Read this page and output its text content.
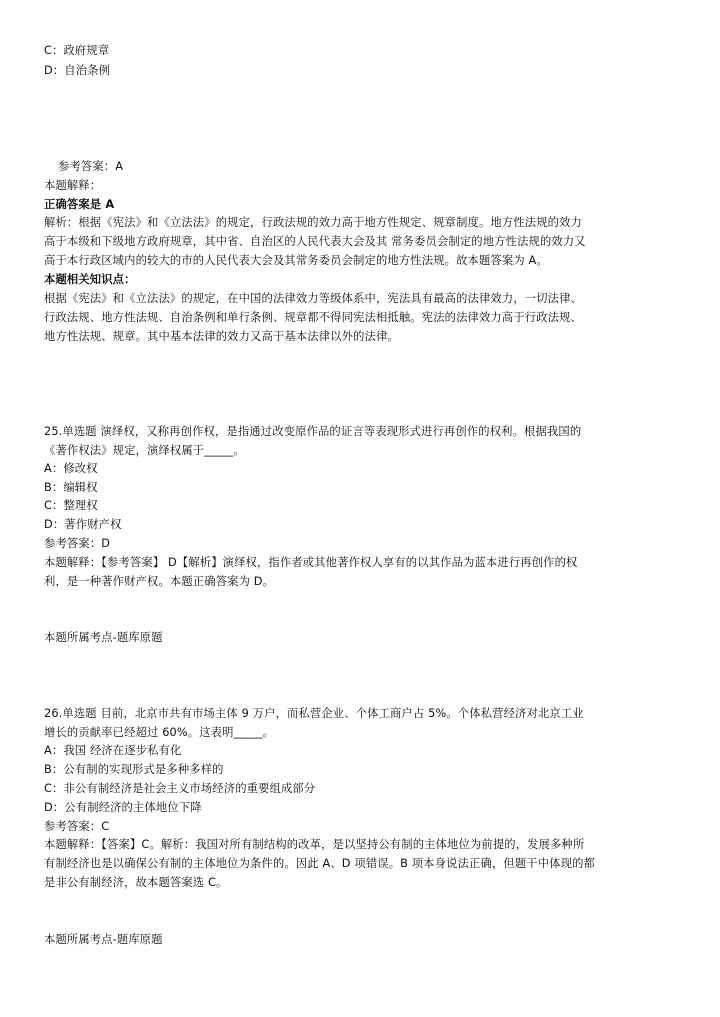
C：政府规章
D：自治条例
参考答案：A
本题解释：
正确答案是 A
解析：根据《宪法》和《立法法》的规定，行政法规的效力高于地方性规定、规章制度。地方性法规的效力
高于本级和下级地方政府规章，其中省、自治区的人民代表大会及其 常务委员会制定的地方性法规的效力又
高于本行政区域内的较大的市的人民代表大会及其常务委员会制定的地方性法规。故本题答案为 A。
本题相关知识点：
根据《宪法》和《立法法》的规定，在中国的法律效力等级体系中，宪法具有最高的法律效力，一切法律、
行政法规、地方性法规、自治条例和单行条例、规章都不得同宪法相抵触。宪法的法律效力高于行政法规、
地方性法规、规章。其中基本法律的效力又高于基本法律以外的法律。
25.单选题 演绎权，又称再创作权，是指通过改变原作品的证言等表现形式进行再创作的权利。根据我国的
《著作权法》规定，演绎权属于_____。
A：修改权
B：编辑权
C：整理权
D：著作财产权
参考答案：D
本题解释：【参考答案】 D【解析】演绎权，指作者或其他著作权人享有的以其作品为蓝本进行再创作的权
利，是一种著作财产权。本题正确答案为 D。
本题所属考点-题库原题
26.单选题 目前，北京市共有市场主体 9 万户，而私营企业、个体工商户占 5%。个体私营经济对北京工业
增长的贡献率已经超过 60%。这表明_____。
A：我国 经济在逐步私有化
B：公有制的实现形式是多种多样的
C：非公有制经济是社会主义市场经济的重要组成部分
D：公有制经济的主体地位下降
参考答案：C
本题解释：【答案】C。解析：我国对所有制结构的改革，是以坚持公有制的主体地位为前提的，发展多种所
有制经济也是以确保公有制的主体地位为条件的。因此 A、D 项错误。B 项本身说法正确，但题干中体现的都
是非公有制经济，故本题答案选 C。
本题所属考点-题库原题
